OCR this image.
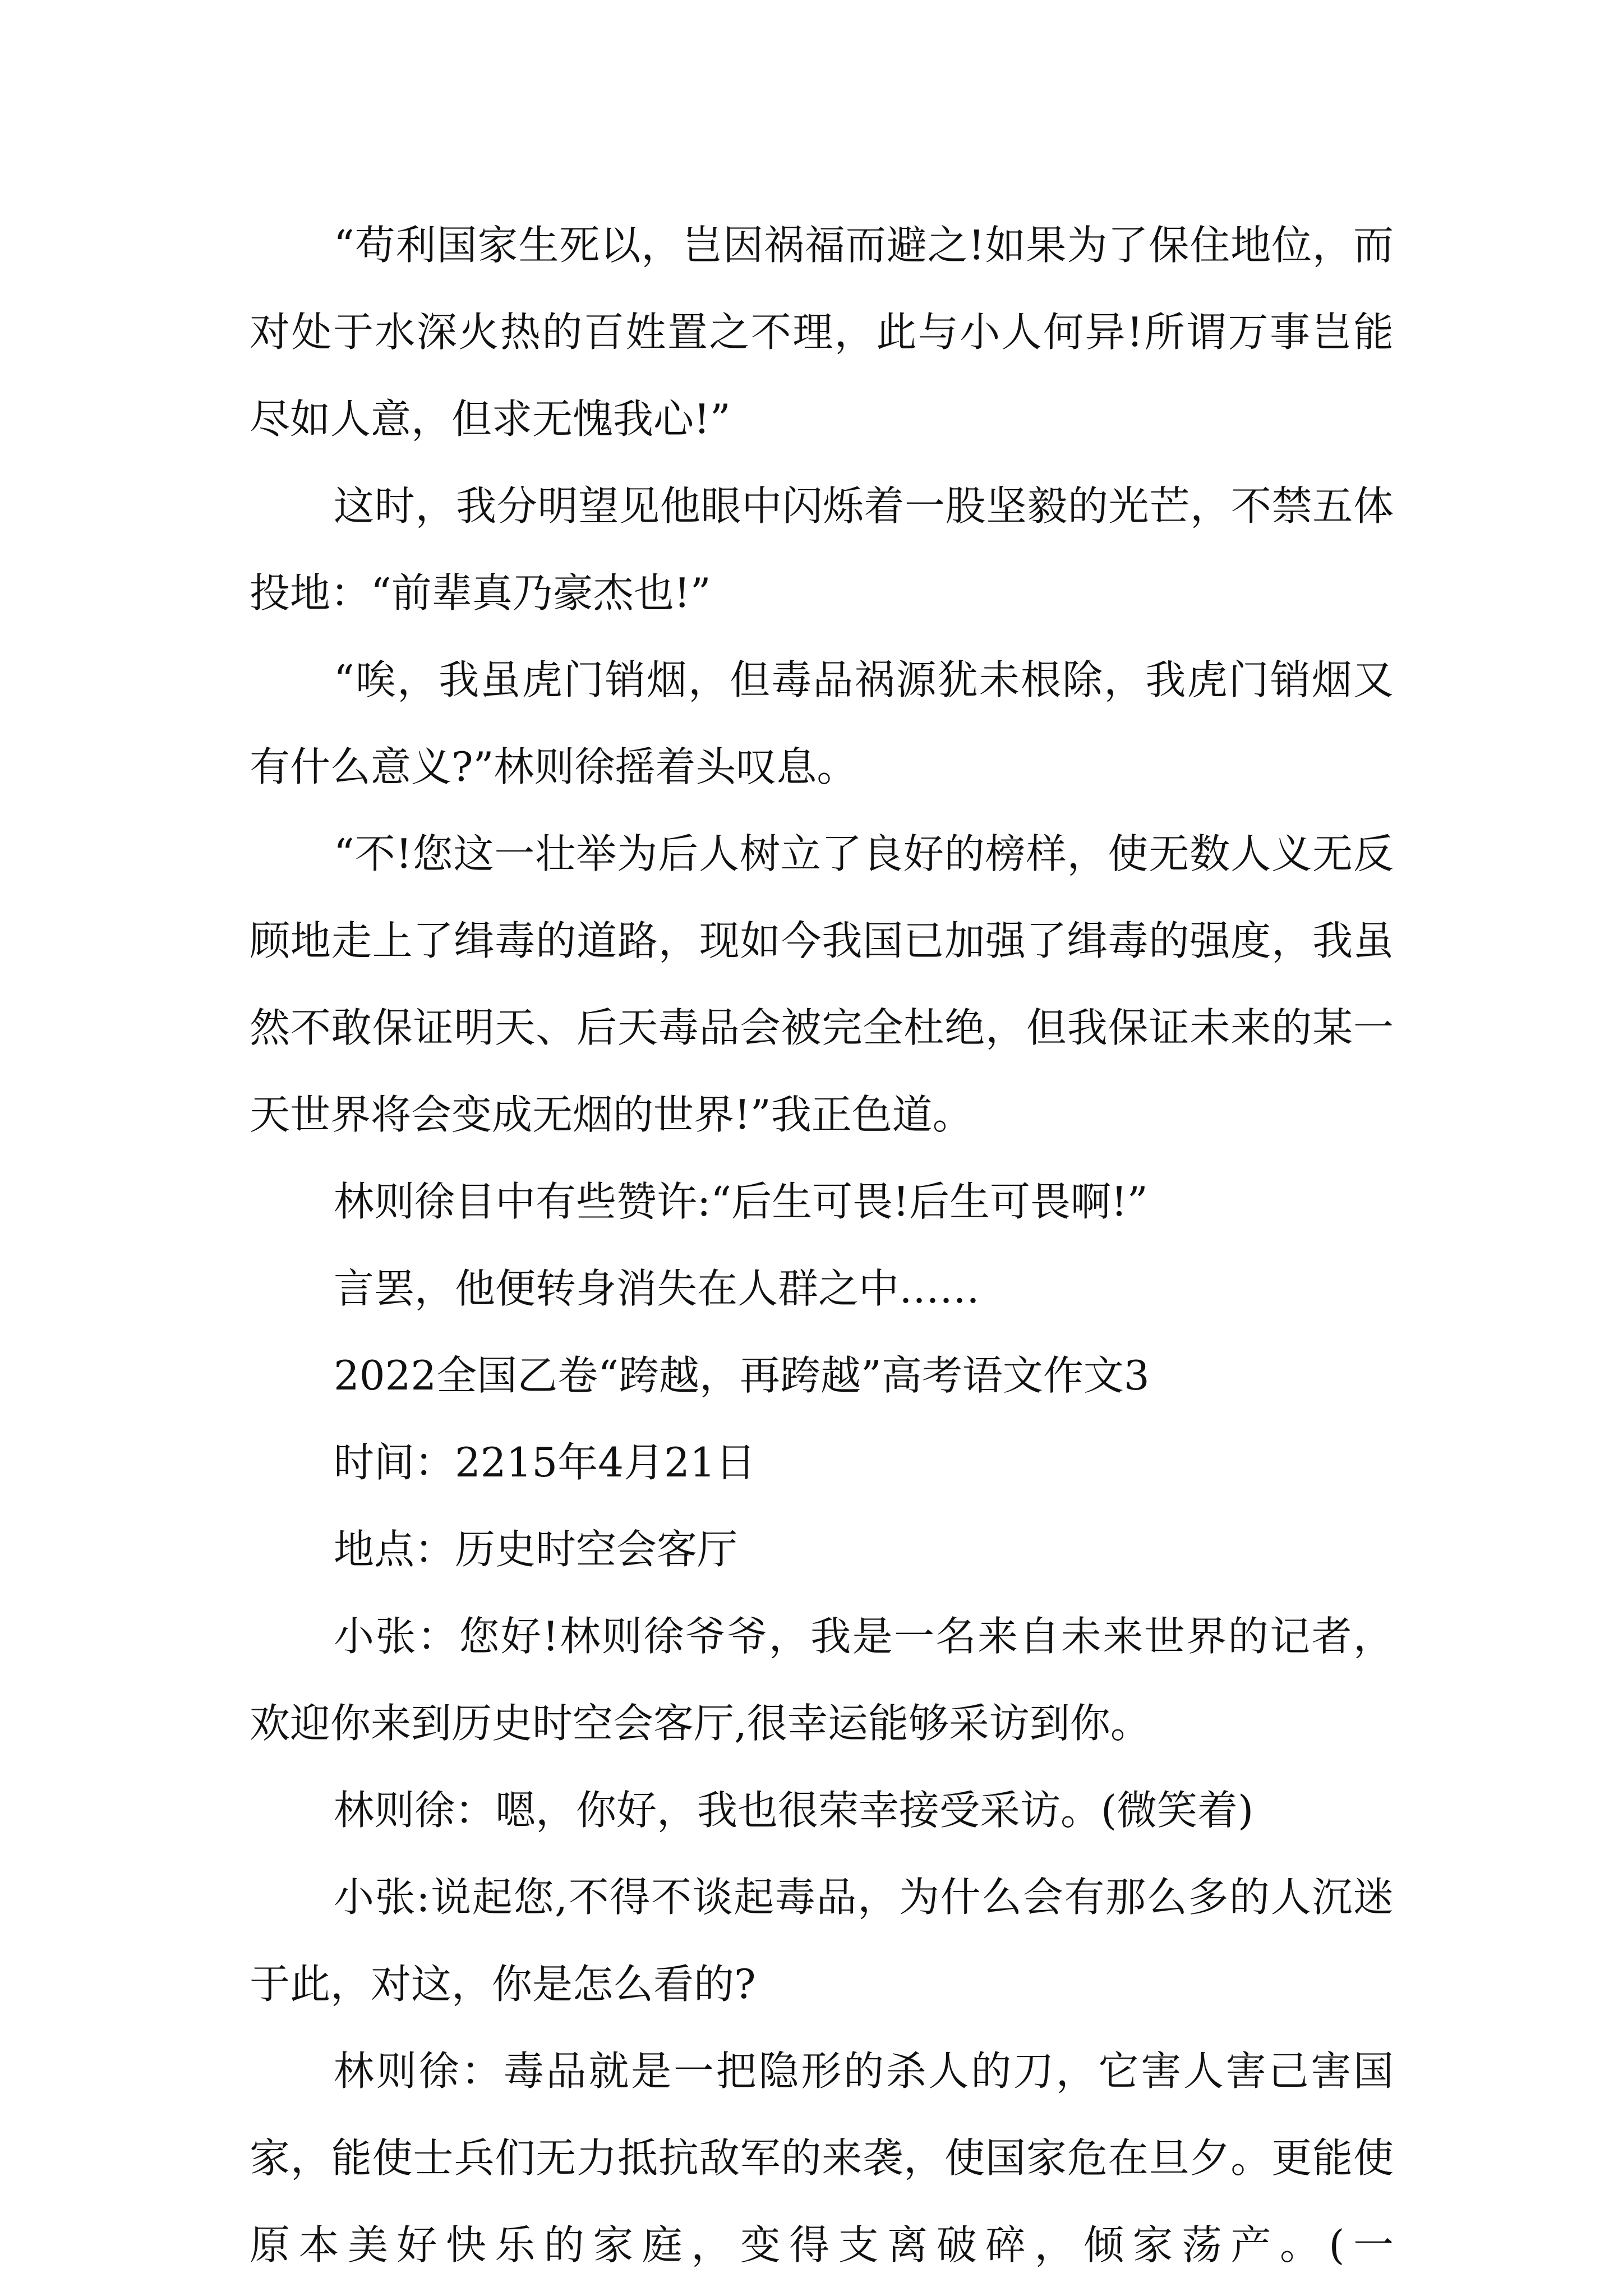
“苟利国家生死以，岂因祸福而避之!如果为了保住地位，而对处于水深火热的百姓置之不理，此与小人何异!所谓万事岂能尽如人意，但求无愧我心!”

这时，我分明望见他眼中闪烁着一股坚毅的光芒，不禁五体投地：“前辈真乃豪杰也!”

“唉，我虽虎门销烟，但毒品祸源犹未根除，我虎门销烟又有什么意义?”林则徐摇着头叹息。

“不!您这一壮举为后人树立了良好的榜样，使无数人义无反顾地走上了缉毒的道路，现如今我国已加强了缉毒的强度，我虽然不敢保证明天、后天毒品会被完全杜绝，但我保证未来的某一天世界将会变成无烟的世界!”我正色道。

林则徐目中有些赞许:“后生可畏!后生可畏啊!”

言罢，他便转身消失在人群之中……

2022全国乙卷“跨越，再跨越”高考语文作文3

时间：2215年4月21日

地点：历史时空会客厅

小张：您好!林则徐爷爷，我是一名来自未来世界的记者，欢迎你来到历史时空会客厅,很幸运能够采访到你。

林则徐：嗯，你好，我也很荣幸接受采访。(微笑着)

小张:说起您,不得不谈起毒品，为什么会有那么多的人沉迷于此，对这，你是怎么看的?

林则徐：毒品就是一把隐形的杀人的刀，它害人害己害国家，能使士兵们无力抵抗敌军的来袭，使国家危在旦夕。更能使原本美好快乐的家庭，变得支离破碎，倾家荡产。(一
